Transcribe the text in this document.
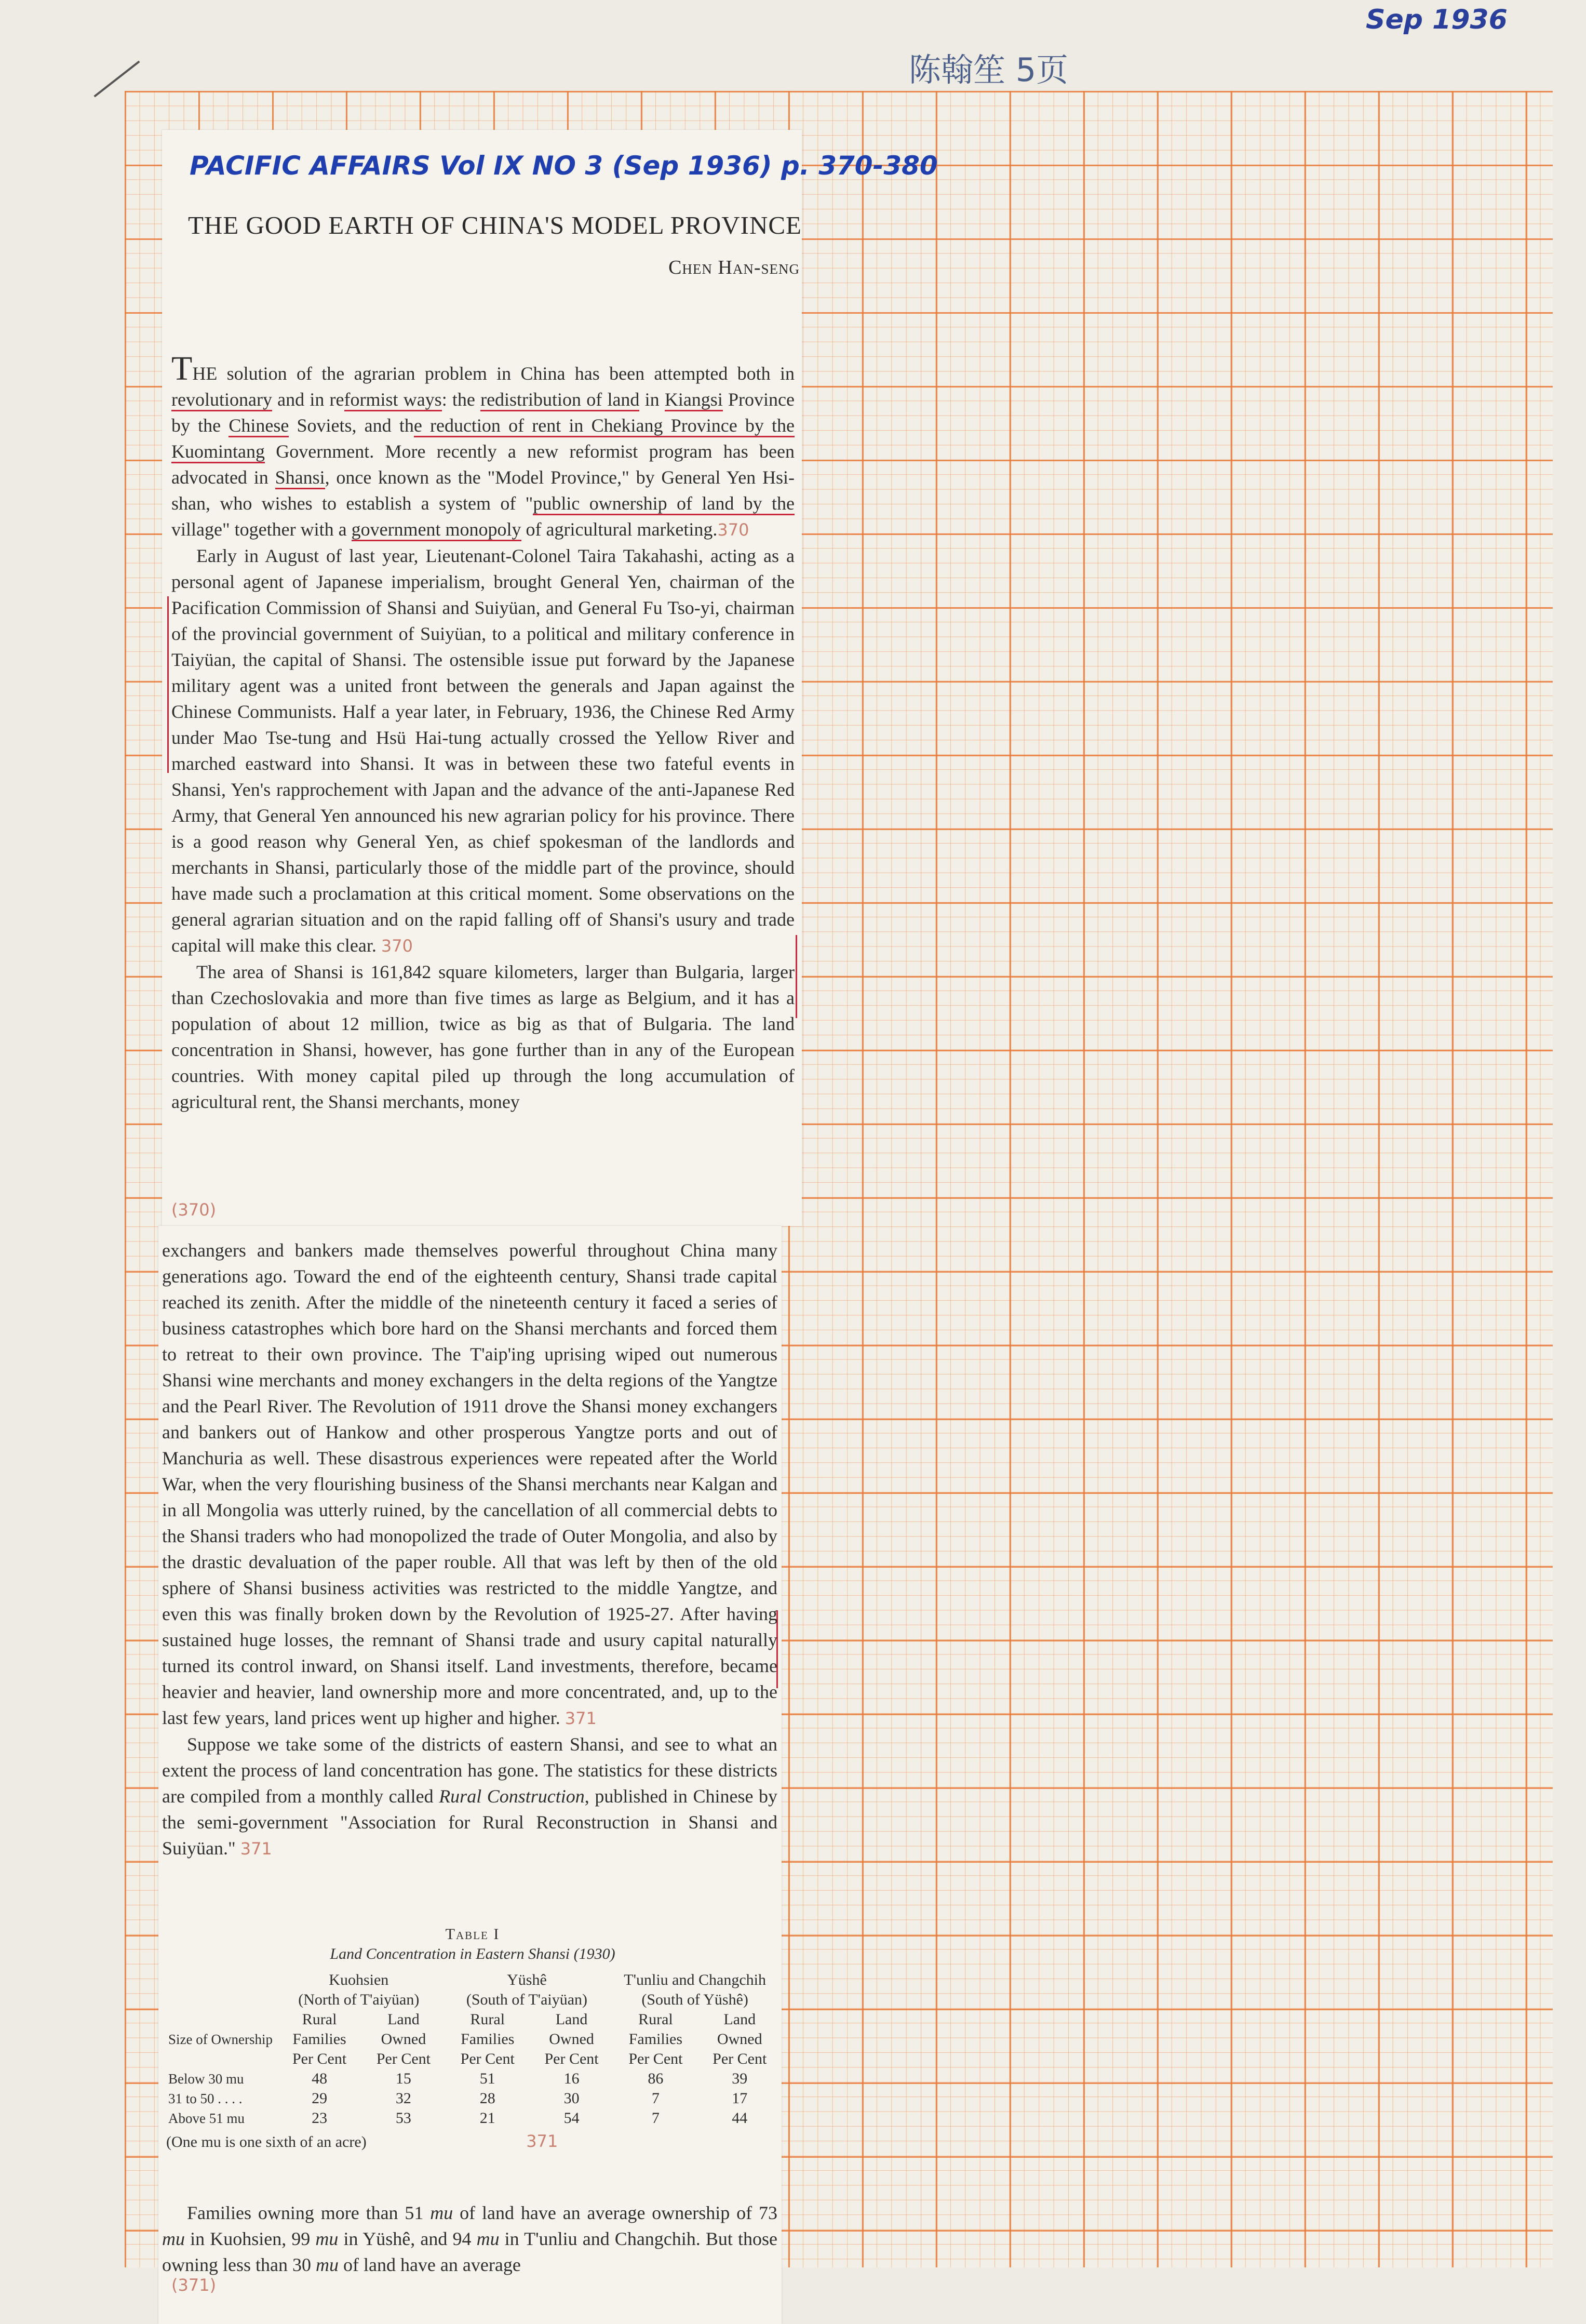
Sep 1936
陈翰笙 5页
PACIFIC AFFAIRS Vol IX NO 3 (Sep 1936) p. 370-380
THE GOOD EARTH OF CHINA'S MODEL PROVINCE
Chen Han-seng

THE solution of the agrarian problem in China has been attempted both in revolutionary and in reformist ways: the redistribution of land in Kiangsi Province by the Chinese Soviets, and the reduction of rent in Chekiang Province by the Kuomintang Government. More recently a new reformist program has been advocated in Shansi, once known as the "Model Province," by General Yen Hsi-shan, who wishes to establish a system of "public ownership of land by the village" together with a government monopoly of agricultural marketing.370

Early in August of last year, Lieutenant-Colonel Taira Takahashi, acting as a personal agent of Japanese imperialism, brought General Yen, chairman of the Pacification Commission of Shansi and Suiyüan, and General Fu Tso-yi, chairman of the provincial government of Suiyüan, to a political and military conference in Taiyüan, the capital of Shansi. The ostensible issue put forward by the Japanese military agent was a united front between the generals and Japan against the Chinese Communists. Half a year later, in February, 1936, the Chinese Red Army under Mao Tse-tung and Hsü Hai-tung actually crossed the Yellow River and marched eastward into Shansi. It was in between these two fateful events in Shansi, Yen's rapprochement with Japan and the advance of the anti-Japanese Red Army, that General Yen announced his new agrarian policy for his province. There is a good reason why General Yen, as chief spokesman of the landlords and merchants in Shansi, particularly those of the middle part of the province, should have made such a proclamation at this critical moment. Some observations on the general agrarian situation and on the rapid falling off of Shansi's usury and trade capital will make this clear. 370

The area of Shansi is 161,842 square kilometers, larger than Bulgaria, larger than Czechoslovakia and more than five times as large as Belgium, and it has a population of about 12 million, twice as big as that of Bulgaria. The land concentration in Shansi, however, has gone further than in any of the European countries. With money capital piled up through the long accumulation of agricultural rent, the Shansi merchants, money

(370)

exchangers and bankers made themselves powerful throughout China many generations ago. Toward the end of the eighteenth century, Shansi trade capital reached its zenith. After the middle of the nineteenth century it faced a series of business catastrophes which bore hard on the Shansi merchants and forced them to retreat to their own province. The T'aip'ing uprising wiped out numerous Shansi wine merchants and money exchangers in the delta regions of the Yangtze and the Pearl River. The Revolution of 1911 drove the Shansi money exchangers and bankers out of Hankow and other prosperous Yangtze ports and out of Manchuria as well. These disastrous experiences were repeated after the World War, when the very flourishing business of the Shansi merchants near Kalgan and in all Mongolia was utterly ruined, by the cancellation of all commercial debts to the Shansi traders who had monopolized the trade of Outer Mongolia, and also by the drastic devaluation of the paper rouble. All that was left by then of the old sphere of Shansi business activities was restricted to the middle Yangtze, and even this was finally broken down by the Revolution of 1925-27. After having sustained huge losses, the remnant of Shansi trade and usury capital naturally turned its control inward, on Shansi itself. Land investments, therefore, became heavier and heavier, land ownership more and more concentrated, and, up to the last few years, land prices went up higher and higher. 371

Suppose we take some of the districts of eastern Shansi, and see to what an extent the process of land concentration has gone. The statistics for these districts are compiled from a monthly called Rural Construction, published in Chinese by the semi-government "Association for Rural Reconstruction in Shansi and Suiyüan." 371

Table I
Land Concentration in Eastern Shansi (1930)
	Kuohsien
(North of T'aiyüan)		Yüshê
(South of T'aiyüan)		T'unliu and Changchih
(South of Yüshê)	
Size of Ownership	Rural Families	Land Owned	Rural Families	Land Owned	Rural Families	Land Owned
	Per Cent	Per Cent	Per Cent	Per Cent	Per Cent	Per Cent
Below 30 mu	48	15	51	16	86	39
31 to 50 . . . .	29	32	28	30	7	17
Above 51 mu	23	53	21	54	7	44
(One mu is one sixth of an acre)	371

Families owning more than 51 mu of land have an average ownership of 73 mu in Kuohsien, 99 mu in Yüshê, and 94 mu in T'unliu and Changchih. But those owning less than 30 mu of land have an average

(371)
